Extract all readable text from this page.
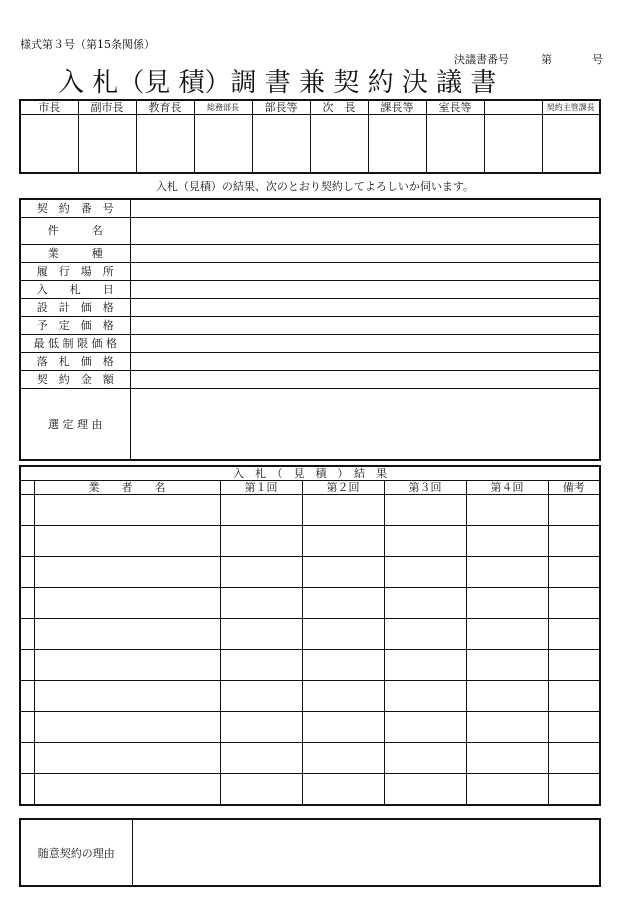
様式第３号（第15条関係）
決議書番号	第	号
入 札（見 積）調 書 兼 契 約 決 議 書
市長	副市長	教育長	総務部長	部長等	次　長	課長等	室長等		契約主管課長

入札（見積）の結果、次のとおり契約してよろしいか伺います。
契　約　番　号	
件　　　名	
業　　　種	
履　行　場　所	
入　　札　　日	
設　計　価　格	
予　定　価　格	
最 低 制 限 価 格	
落　札　価　格	
契　約　金　額	
選 定 理 由	
入　札　（　見　積　）　結　果						
	業　　者　　名	第１回	第２回	第３回	第４回	備考

随意契約の理由	
